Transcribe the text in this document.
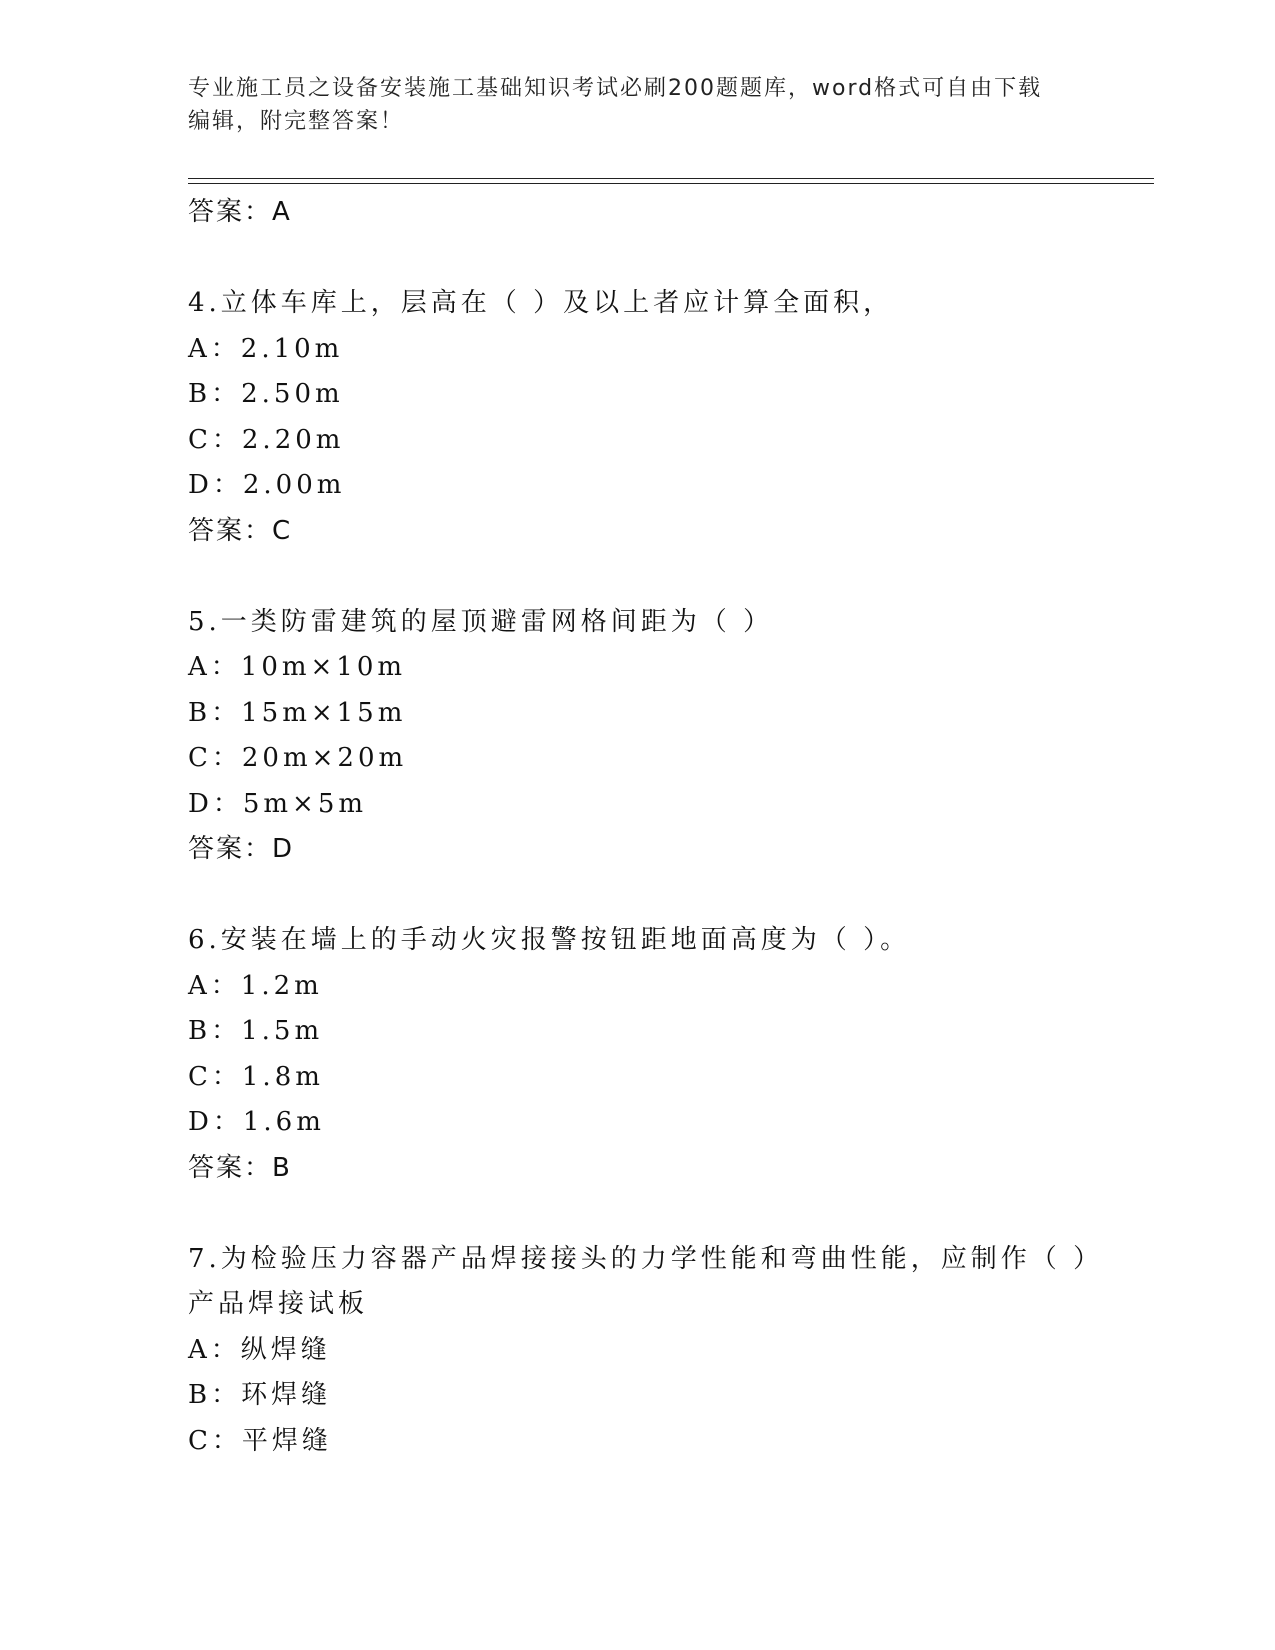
专业施工员之设备安装施工基础知识考试必刷200题题库，word格式可自由下载
编辑，附完整答案！
答案：A
4.立体车库上，层高在（ ）及以上者应计算全面积，
A：2.10m
B：2.50m
C：2.20m
D：2.00m
答案：C
5.一类防雷建筑的屋顶避雷网格间距为（ ）
A：10m×10m
B：15m×15m
C：20m×20m
D：5m×5m
答案：D
6.安装在墙上的手动火灾报警按钮距地面高度为（ ）。
A：1.2m
B：1.5m
C：1.8m
D：1.6m
答案：B
7.为检验压力容器产品焊接接头的力学性能和弯曲性能，应制作（ ）
产品焊接试板
A：纵焊缝
B：环焊缝
C：平焊缝
